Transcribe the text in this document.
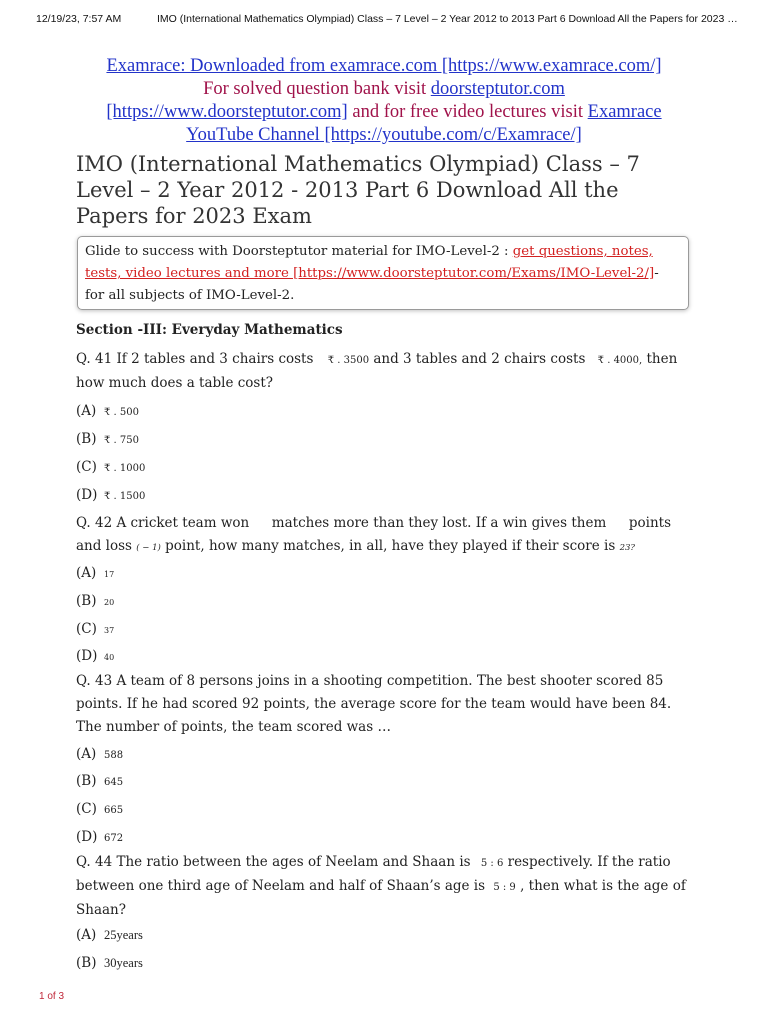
12/19/23, 7:57 AM	IMO (International Mathematics Olympiad) Class – 7 Level – 2 Year 2012 to 2013 Part 6 Download All the Papers for 2023 …
Examrace: Downloaded from examrace.com [https://www.examrace.com/]
For solved question bank visit doorsteptutor.com
[https://www.doorsteptutor.com] and for free video lectures visit Examrace
YouTube Channel [https://youtube.com/c/Examrace/]
IMO (International Mathematics Olympiad) Class – 7 Level – 2 Year 2012 - 2013 Part 6 Download All the Papers for 2023 Exam
Glide to success with Doorsteptutor material for IMO-Level-2 : get questions, notes, tests, video lectures and more [https://www.doorsteptutor.com/Exams/IMO-Level-2/]- for all subjects of IMO-Level-2.
Section -III: Everyday Mathematics
Q. 41 If 2 tables and 3 chairs costs ₹ . 3500 and 3 tables and 2 chairs costs ₹ . 4000, then how much does a table cost?
(A) ₹ . 500
(B) ₹ . 750
(C) ₹ . 1000
(D) ₹ . 1500
Q. 42 A cricket team won  matches more than they lost. If a win gives them  points and loss ( − 1) point, how many matches, in all, have they played if their score is 23?
(A) 17
(B) 20
(C) 37
(D) 40
Q. 43 A team of 8 persons joins in a shooting competition. The best shooter scored 85 points. If he had scored 92 points, the average score for the team would have been 84. The number of points, the team scored was …
(A) 588
(B) 645
(C) 665
(D) 672
Q. 44 The ratio between the ages of Neelam and Shaan is 5 : 6 respectively. If the ratio between one third age of Neelam and half of Shaan’s age is 5 : 9 , then what is the age of Shaan?
(A) 25years
(B) 30years
1 of 3
